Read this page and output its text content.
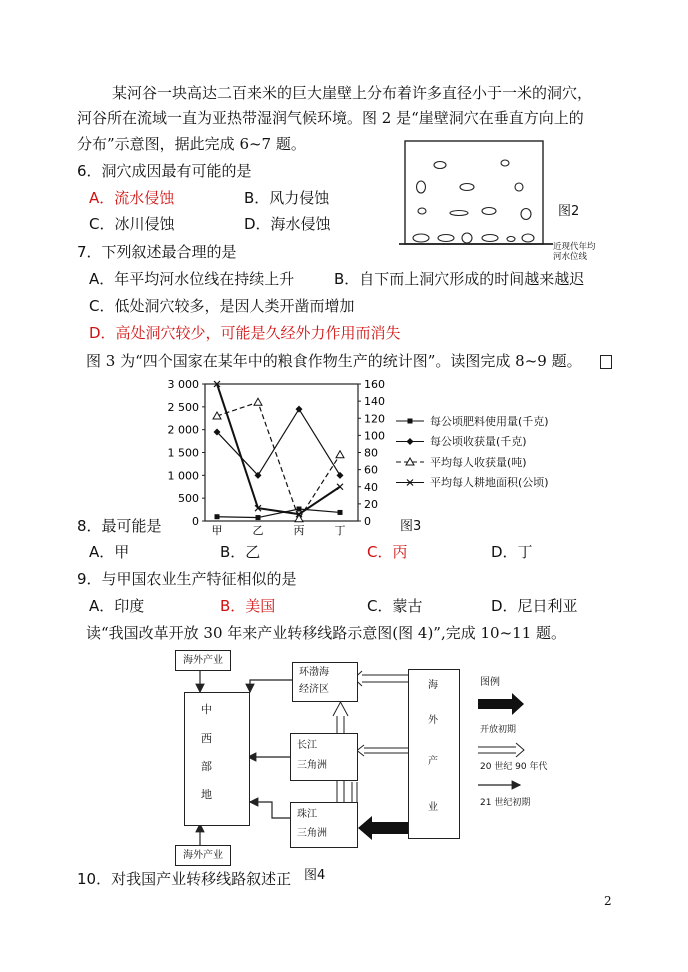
某河谷一块高达二百来米的巨大崖壁上分布着许多直径小于一米的洞穴，
河谷所在流域一直为亚热带湿润气候环境。图 2 是“崖壁洞穴在垂直方向上的
分布”示意图，据此完成 6~7 题。
图2
近现代年均
河水位线
6．洞穴成因最有可能的是
A．流水侵蚀	B．风力侵蚀
C．冰川侵蚀	D．海水侵蚀
7．下列叙述最合理的是
A．年平均河水位线在持续上升	B．自下而上洞穴形成的时间越来越迟
C．低处洞穴较多，是因人类开凿而增加
D．高处洞穴较少，可能是久经外力作用而消失
图 3 为“四个国家在某年中的粮食作物生产的统计图”。读图完成 8~9 题。
3 000
2 500
2 000
1 500
1 000
500
0
160
140
120
100
80
60
40
20
0
甲	乙	丙	丁	图3
每公顷肥料使用量(千克)
每公顷收获量(千克)
平均每人收获量(吨)
平均每人耕地面积(公顷)
8．最可能是
A．甲	B．乙	C．丙	D．丁
9．与甲国农业生产特征相似的是
A．印度	B．美国	C．蒙古	D．尼日利亚
读“我国改革开放 30 年来产业转移线路示意图(图 4)”,完成 10~11 题。
海外产业
海外产业
中
西
部
地
环渤海
经济区
长江
三角洲
珠江
三角洲
海
外
产
业
图例
开放初期
20 世纪 90 年代
21 世纪初期
10．对我国产业转移线路叙述正 图4
2
